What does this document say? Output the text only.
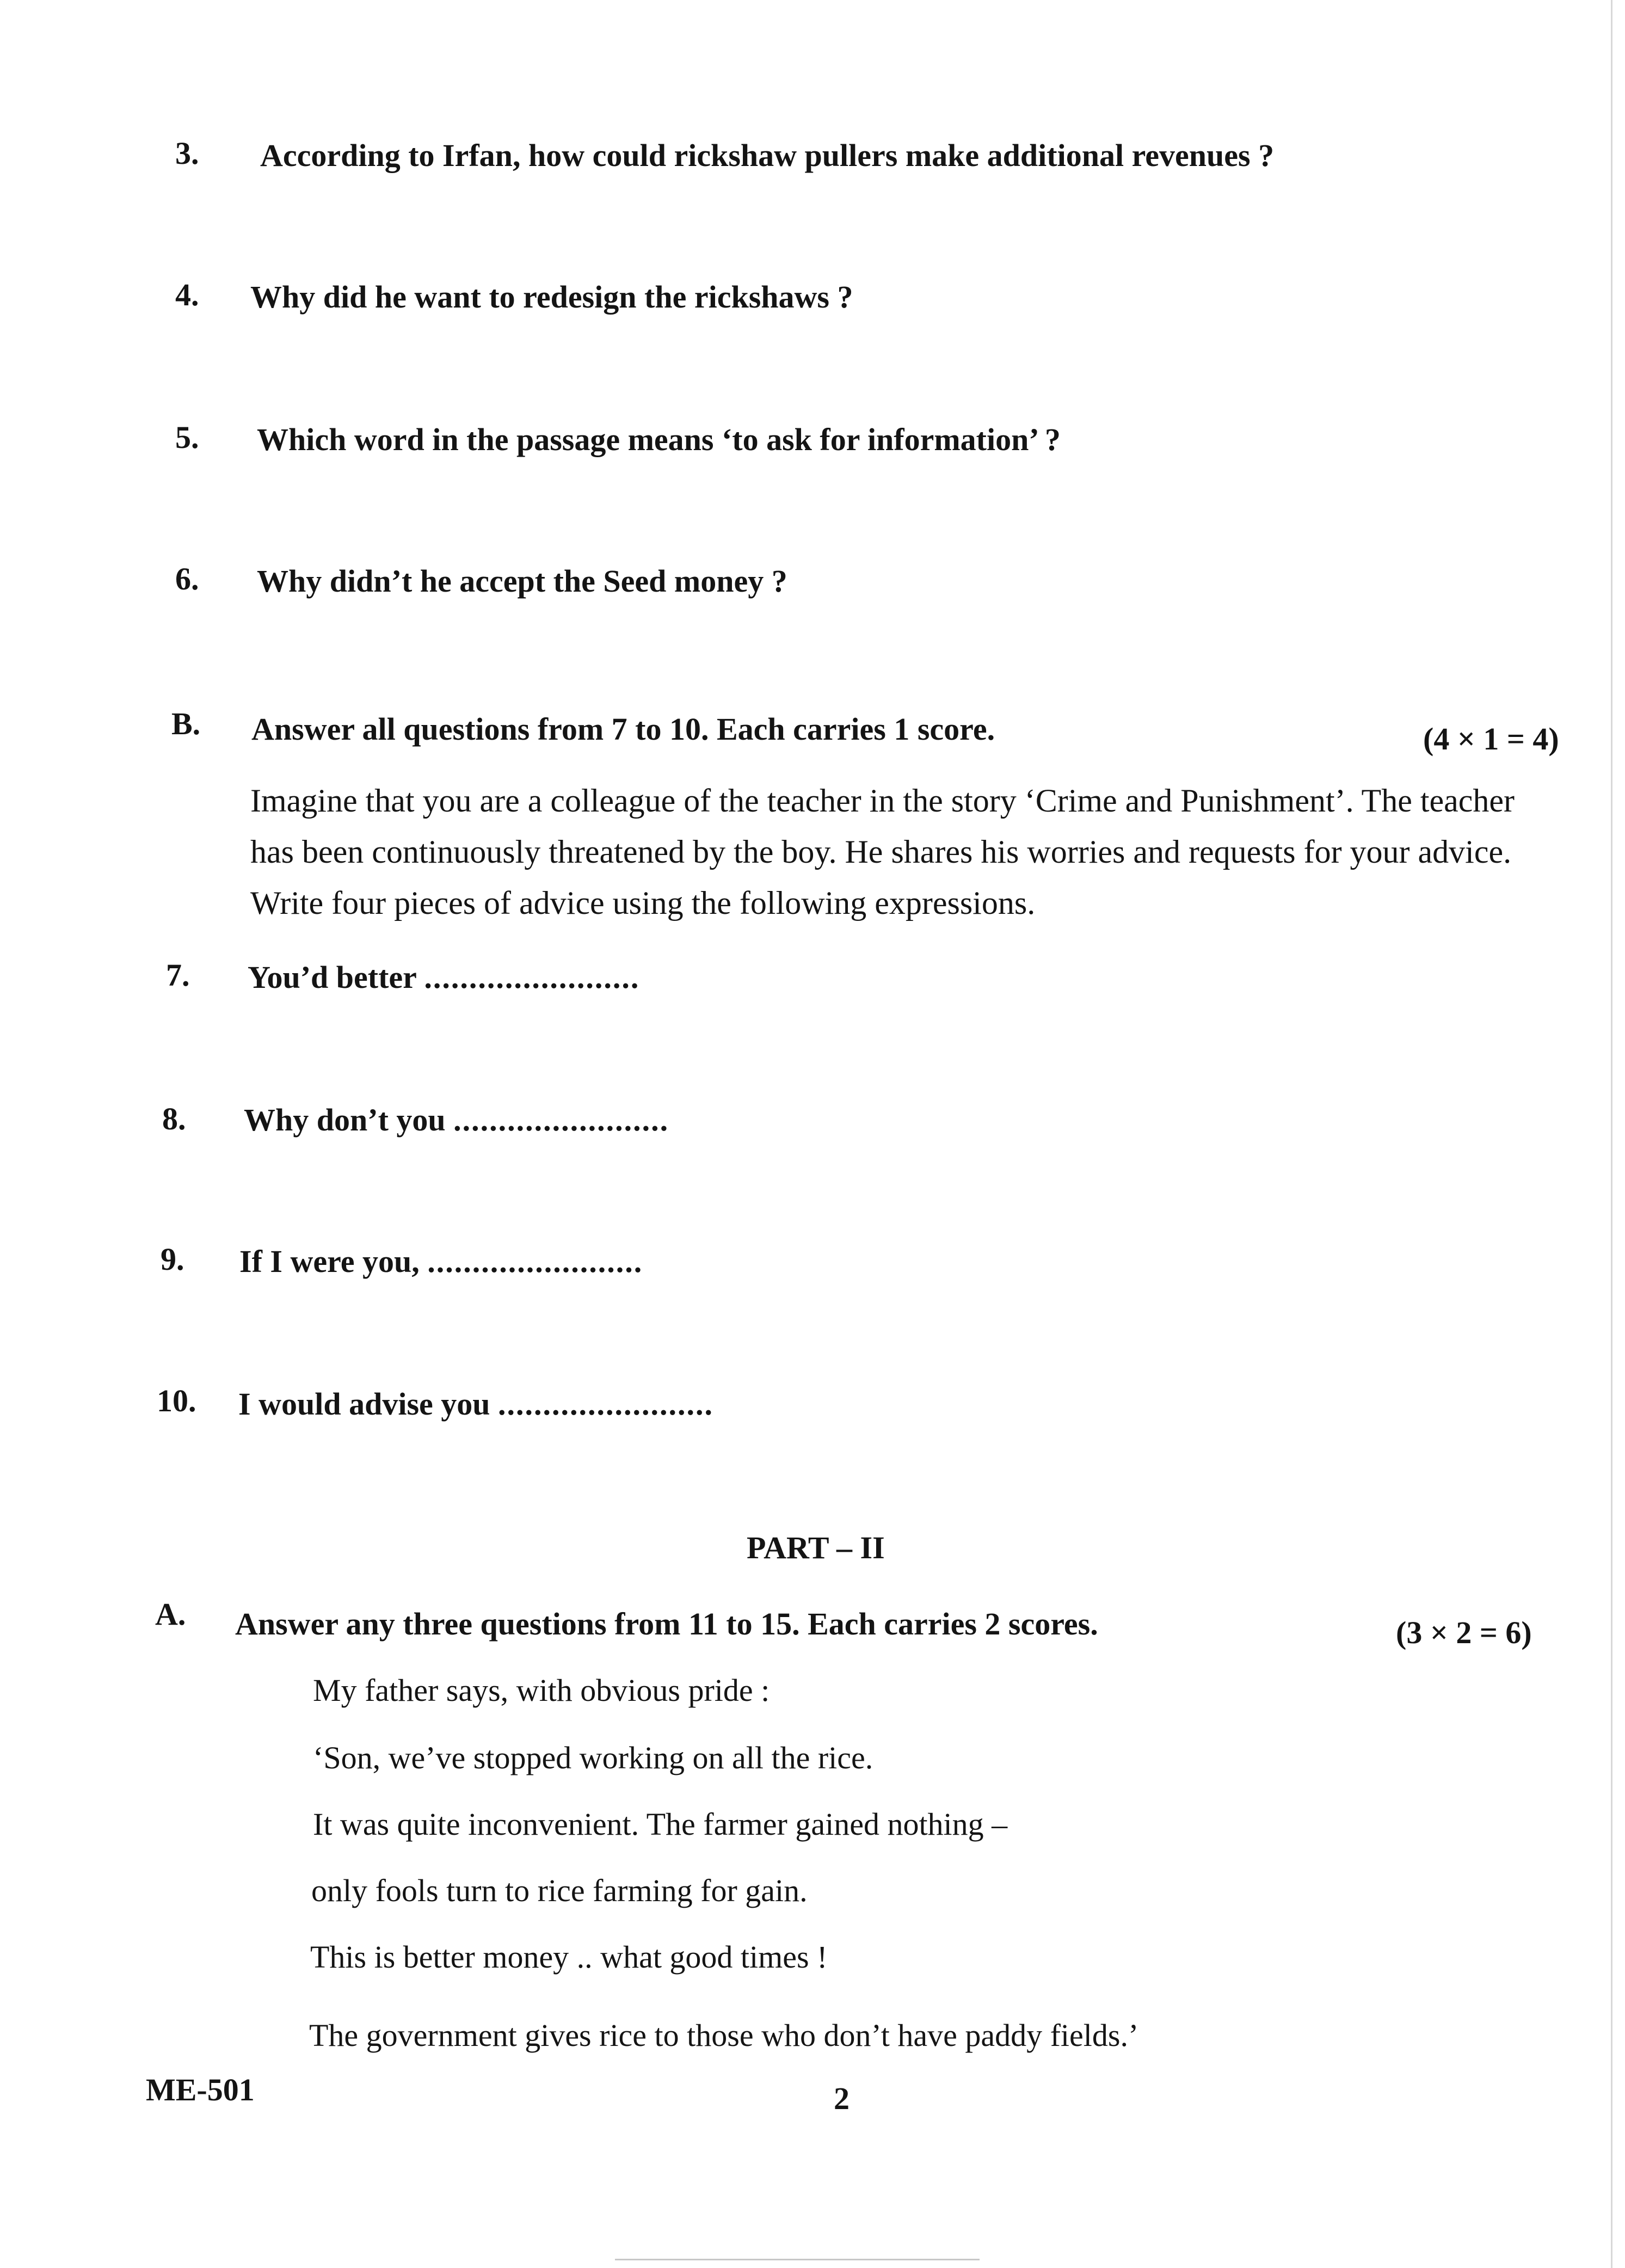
3. According to Irfan, how could rickshaw pullers make additional revenues ?
4. Why did he want to redesign the rickshaws ?
5. Which word in the passage means ‘to ask for information’ ?
6. Why didn’t he accept the Seed money ?
B. Answer all questions from 7 to 10. Each carries 1 score.	(4 × 1 = 4)
Imagine that you are a colleague of the teacher in the story ‘Crime and Punishment’. The teacher has been continuously threatened by the boy. He shares his worries and requests for your advice. Write four pieces of advice using the following expressions.
7. You’d better ........................
8. Why don’t you ........................
9. If I were you, ........................
10. I would advise you ........................
PART – II
A. Answer any three questions from 11 to 15. Each carries 2 scores.	(3 × 2 = 6)
My father says, with obvious pride :
‘Son, we’ve stopped working on all the rice.
It was quite inconvenient. The farmer gained nothing –
only fools turn to rice farming for gain.
This is better money .. what good times !
The government gives rice to those who don’t have paddy fields.’
ME-501	2
